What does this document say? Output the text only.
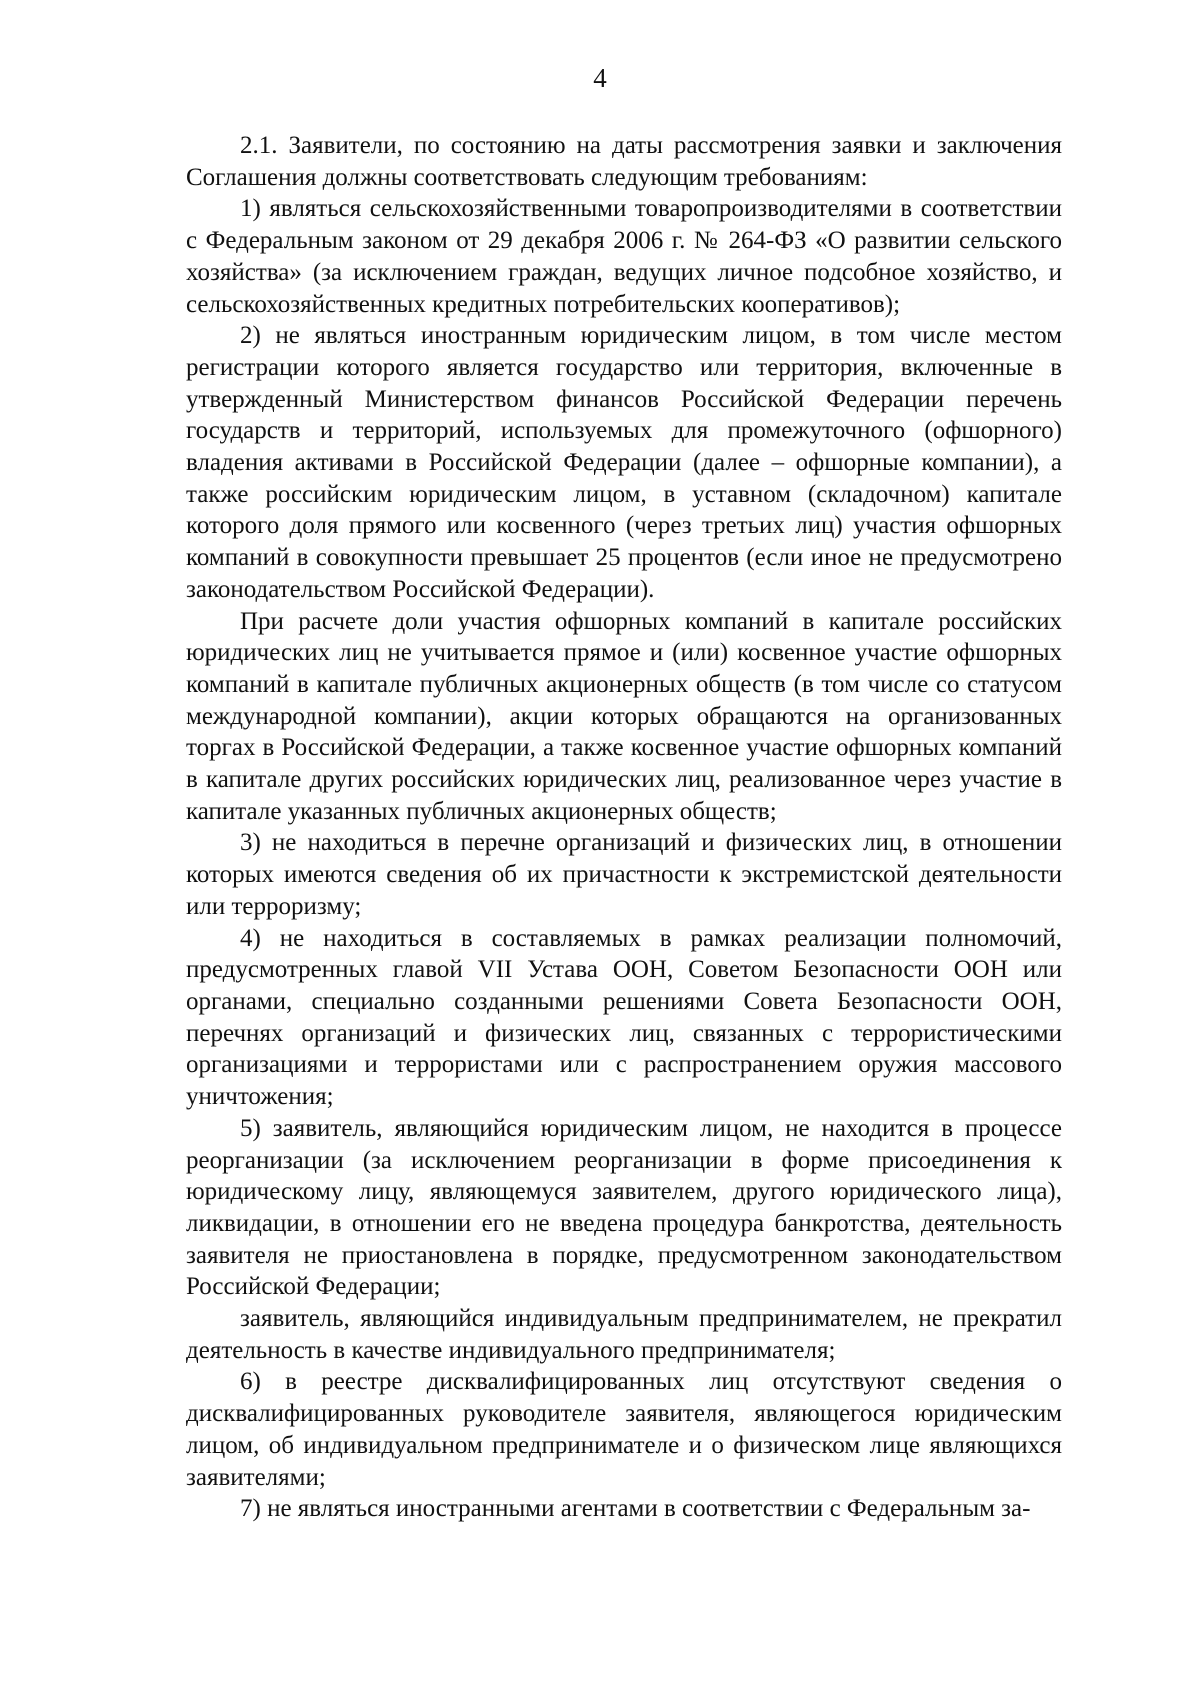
4

2.1. Заявители, по состоянию на даты рассмотрения заявки и заключения Соглашения должны соответствовать следующим требованиям:

1) являться сельскохозяйственными товаропроизводителями в соответствии с Федеральным законом от 29 декабря 2006 г. № 264-ФЗ «О развитии сельского хозяйства» (за исключением граждан, ведущих личное подсобное хозяйство, и сельскохозяйственных кредитных потребительских кооперативов);

2) не являться иностранным юридическим лицом, в том числе местом регистрации которого является государство или территория, включенные в утвержденный Министерством финансов Российской Федерации перечень государств и территорий, используемых для промежуточного (офшорного) владения активами в Российской Федерации (далее – офшорные компании), а также российским юридическим лицом, в уставном (складочном) капитале которого доля прямого или косвенного (через третьих лиц) участия офшорных компаний в совокупности превышает 25 процентов (если иное не предусмотрено законодательством Российской Федерации).

При расчете доли участия офшорных компаний в капитале российских юридических лиц не учитывается прямое и (или) косвенное участие офшорных компаний в капитале публичных акционерных обществ (в том числе со статусом международной компании), акции которых обращаются на организованных торгах в Российской Федерации, а также косвенное участие офшорных компаний в капитале других российских юридических лиц, реализованное через участие в капитале указанных публичных акционерных обществ;

3) не находиться в перечне организаций и физических лиц, в отношении которых имеются сведения об их причастности к экстремистской деятельности или терроризму;

4) не находиться в составляемых в рамках реализации полномочий, предусмотренных главой VII Устава ООН, Советом Безопасности ООН или органами, специально созданными решениями Совета Безопасности ООН, перечнях организаций и физических лиц, связанных с террористическими организациями и террористами или с распространением оружия массового уничтожения;

5) заявитель, являющийся юридическим лицом, не находится в процессе реорганизации (за исключением реорганизации в форме присоединения к юридическому лицу, являющемуся заявителем, другого юридического лица), ликвидации, в отношении его не введена процедура банкротства, деятельность заявителя не приостановлена в порядке, предусмотренном законодательством Российской Федерации;

заявитель, являющийся индивидуальным предпринимателем, не прекратил деятельность в качестве индивидуального предпринимателя;

6) в реестре дисквалифицированных лиц отсутствуют сведения о дисквалифицированных руководителе заявителя, являющегося юридическим лицом, об индивидуальном предпринимателе и о физическом лице являющихся заявителями;

7) не являться иностранными агентами в соответствии с Федеральным за-
